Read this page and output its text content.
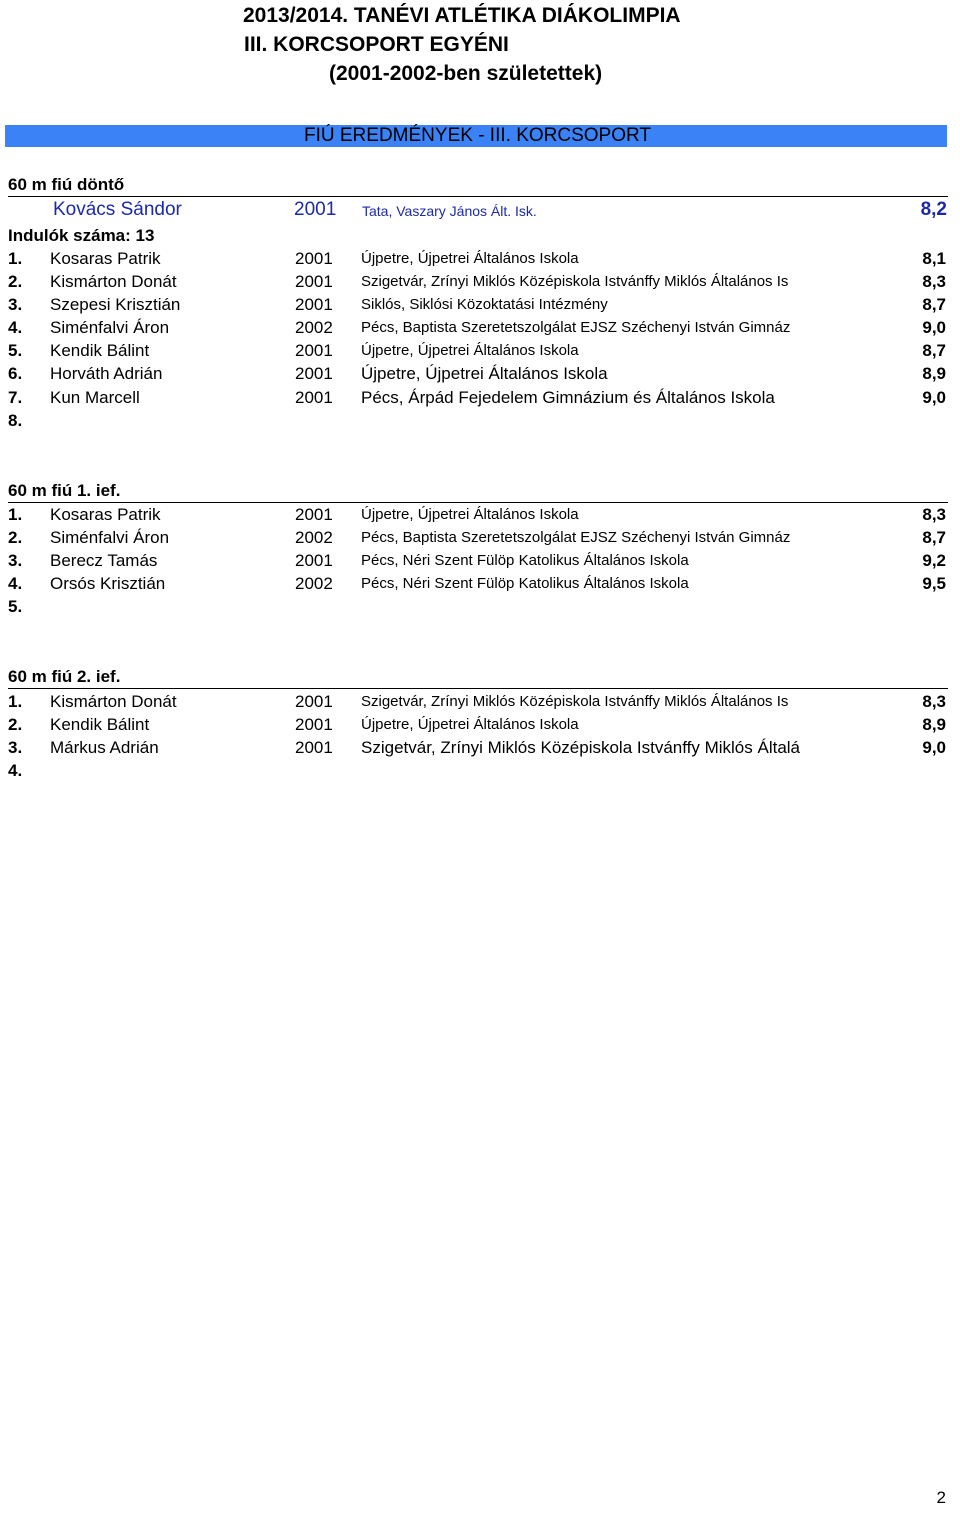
2013/2014. TANÉVI ATLÉTIKA DIÁKOLIMPIA
III. KORCSOPORT EGYÉNI
(2001-2002-ben születettek)
FIÚ EREDMÉNYEK - III. KORCSOPORT
60 m fiú döntő
Kovács Sándor	2001 Tata, Vaszary János Ált. Isk.	8,2
Indulók száma: 13
1. Kosaras Patrik	2001 Újpetre, Újpetrei Általános Iskola	8,1
2. Kismárton Donát	2001 Szigetvár, Zrínyi Miklós Középiskola Istvánffy Miklós Általános Is	8,3
3. Szepesi Krisztián	2001 Siklós, Siklósi Közoktatási Intézmény	8,7
4. Siménfalvi Áron	2002 Pécs, Baptista Szeretetszolgálat EJSZ Széchenyi István Gimnáz	9,0
5. Kendik Bálint	2001 Újpetre, Újpetrei Általános Iskola	8,7
6. Horváth Adrián	2001 Újpetre, Újpetrei Általános Iskola	8,9
7. Kun Marcell	2001 Pécs, Árpád Fejedelem Gimnázium és Általános Iskola	9,0
8.
60 m fiú 1. ief.
1. Kosaras Patrik	2001 Újpetre, Újpetrei Általános Iskola	8,3
2. Siménfalvi Áron	2002 Pécs, Baptista Szeretetszolgálat EJSZ Széchenyi István Gimnáz	8,7
3. Berecz Tamás	2001 Pécs, Néri Szent Fülöp Katolikus Általános Iskola	9,2
4. Orsós Krisztián	2002 Pécs, Néri Szent Fülöp Katolikus Általános Iskola	9,5
5.
60 m fiú 2. ief.
1. Kismárton Donát	2001 Szigetvár, Zrínyi Miklós Középiskola Istvánffy Miklós Általános Is	8,3
2. Kendik Bálint	2001 Újpetre, Újpetrei Általános Iskola	8,9
3. Márkus Adrián	2001 Szigetvár, Zrínyi Miklós Középiskola Istvánffy Miklós Általá	9,0
4.
2
